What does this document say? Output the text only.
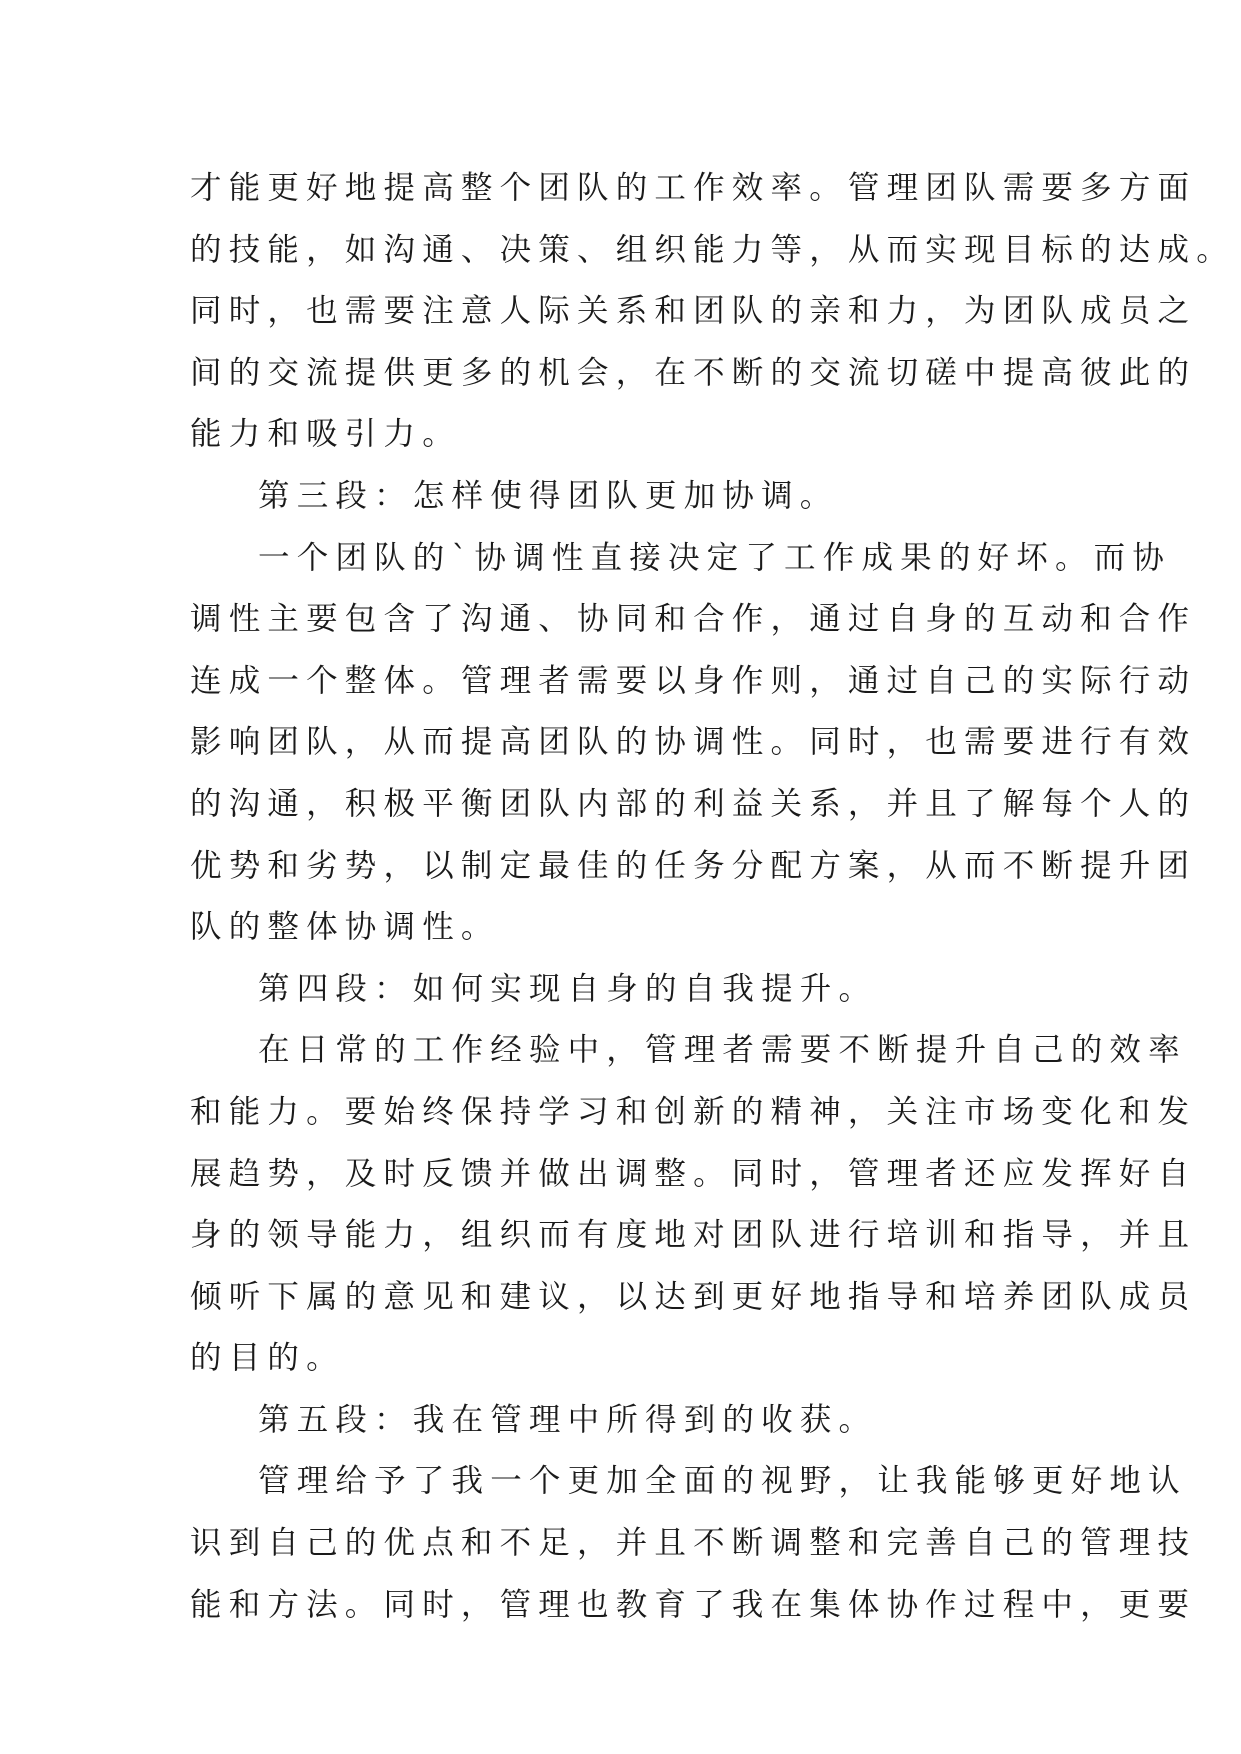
才能更好地提高整个团队的工作效率。管理团队需要多方面
的技能，如沟通、决策、组织能力等，从而实现目标的达成。
同时，也需要注意人际关系和团队的亲和力，为团队成员之
间的交流提供更多的机会，在不断的交流切磋中提高彼此的
能力和吸引力。
第三段：怎样使得团队更加协调。
一个团队的`协调性直接决定了工作成果的好坏。而协
调性主要包含了沟通、协同和合作，通过自身的互动和合作
连成一个整体。管理者需要以身作则，通过自己的实际行动
影响团队，从而提高团队的协调性。同时，也需要进行有效
的沟通，积极平衡团队内部的利益关系，并且了解每个人的
优势和劣势，以制定最佳的任务分配方案，从而不断提升团
队的整体协调性。
第四段：如何实现自身的自我提升。
在日常的工作经验中，管理者需要不断提升自己的效率
和能力。要始终保持学习和创新的精神，关注市场变化和发
展趋势，及时反馈并做出调整。同时，管理者还应发挥好自
身的领导能力，组织而有度地对团队进行培训和指导，并且
倾听下属的意见和建议，以达到更好地指导和培养团队成员
的目的。
第五段：我在管理中所得到的收获。
管理给予了我一个更加全面的视野，让我能够更好地认
识到自己的优点和不足，并且不断调整和完善自己的管理技
能和方法。同时，管理也教育了我在集体协作过程中，更要
